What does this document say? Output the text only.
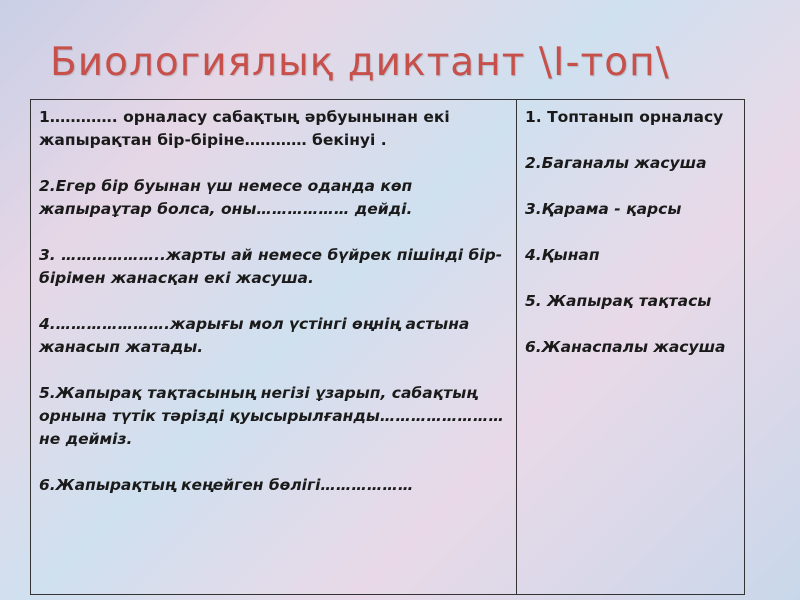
Биологиялық диктант \I-топ\

1…………. орналасу сабақтың әрбуынынан екі жапырақтан бір-біріне………… бекінуі .

2.Егер бір буынан үш немесе оданда көп жапыраұтар болса, оны……………… дейді.

3. ………………..жарты ай немесе бүйрек пішінді бір-бірімен жанасқан екі жасуша.

4.………………….жарығы мол үстінгі өңнің астына жанасып жатады.

5.Жапырақ тақтасының негізі ұзарып, сабақтың орнына түтік тәрізді қуысырылғанды…………………… не дейміз.

6.Жапырақтың кеңейген бөлігі………………

1. Топтанып орналасу

2.Баганалы жасуша

3.Қарама - қарсы

4.Қынап

5. Жапырақ тақтасы

6.Жанаспалы жасуша
